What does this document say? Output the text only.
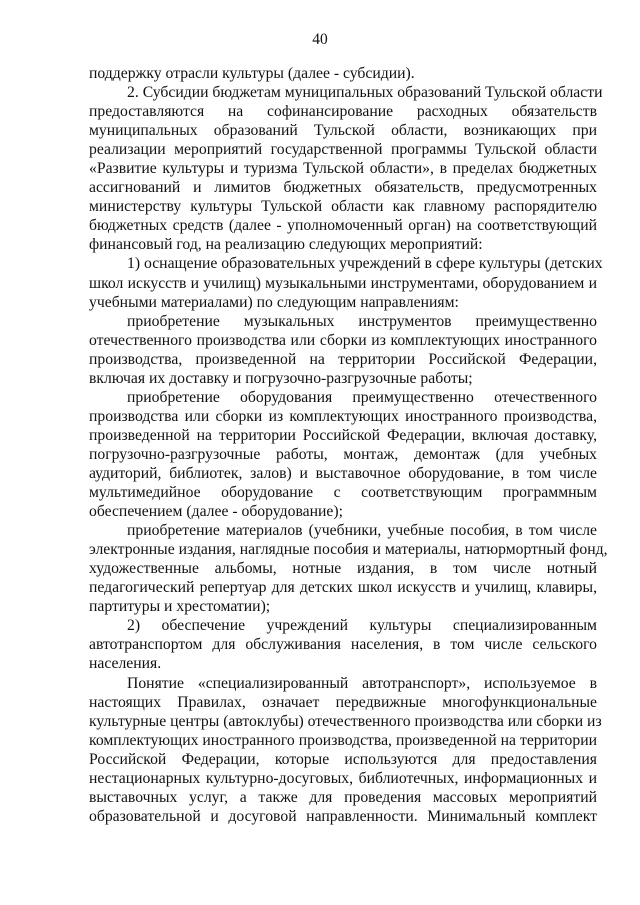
40
поддержку отрасли культуры (далее - субсидии).
2. Субсидии бюджетам муниципальных образований Тульской области
предоставляются на софинансирование расходных обязательств
муниципальных образований Тульской области, возникающих при
реализации мероприятий государственной программы Тульской области
«Развитие культуры и туризма Тульской области», в пределах бюджетных
ассигнований и лимитов бюджетных обязательств, предусмотренных
министерству культуры Тульской области как главному распорядителю
бюджетных средств (далее - уполномоченный орган) на соответствующий
финансовый год, на реализацию следующих мероприятий:
1) оснащение образовательных учреждений в сфере культуры (детских
школ искусств и училищ) музыкальными инструментами, оборудованием и
учебными материалами) по следующим направлениям:
приобретение музыкальных инструментов преимущественно
отечественного производства или сборки из комплектующих иностранного
производства, произведенной на территории Российской Федерации,
включая их доставку и погрузочно-разгрузочные работы;
приобретение оборудования преимущественно отечественного
производства или сборки из комплектующих иностранного производства,
произведенной на территории Российской Федерации, включая доставку,
погрузочно-разгрузочные работы, монтаж, демонтаж (для учебных
аудиторий, библиотек, залов) и выставочное оборудование, в том числе
мультимедийное оборудование с соответствующим программным
обеспечением (далее - оборудование);
приобретение материалов (учебники, учебные пособия, в том числе
электронные издания, наглядные пособия и материалы, натюрмортный фонд,
художественные альбомы, нотные издания, в том числе нотный
педагогический репертуар для детских школ искусств и училищ, клавиры,
партитуры и хрестоматии);
2) обеспечение учреждений культуры специализированным
автотранспортом для обслуживания населения, в том числе сельского
населения.
Понятие «специализированный автотранспорт», используемое в
настоящих Правилах, означает передвижные многофункциональные
культурные центры (автоклубы) отечественного производства или сборки из
комплектующих иностранного производства, произведенной на территории
Российской Федерации, которые используются для предоставления
нестационарных культурно-досуговых, библиотечных, информационных и
выставочных услуг, а также для проведения массовых мероприятий
образовательной и досуговой направленности. Минимальный комплект
